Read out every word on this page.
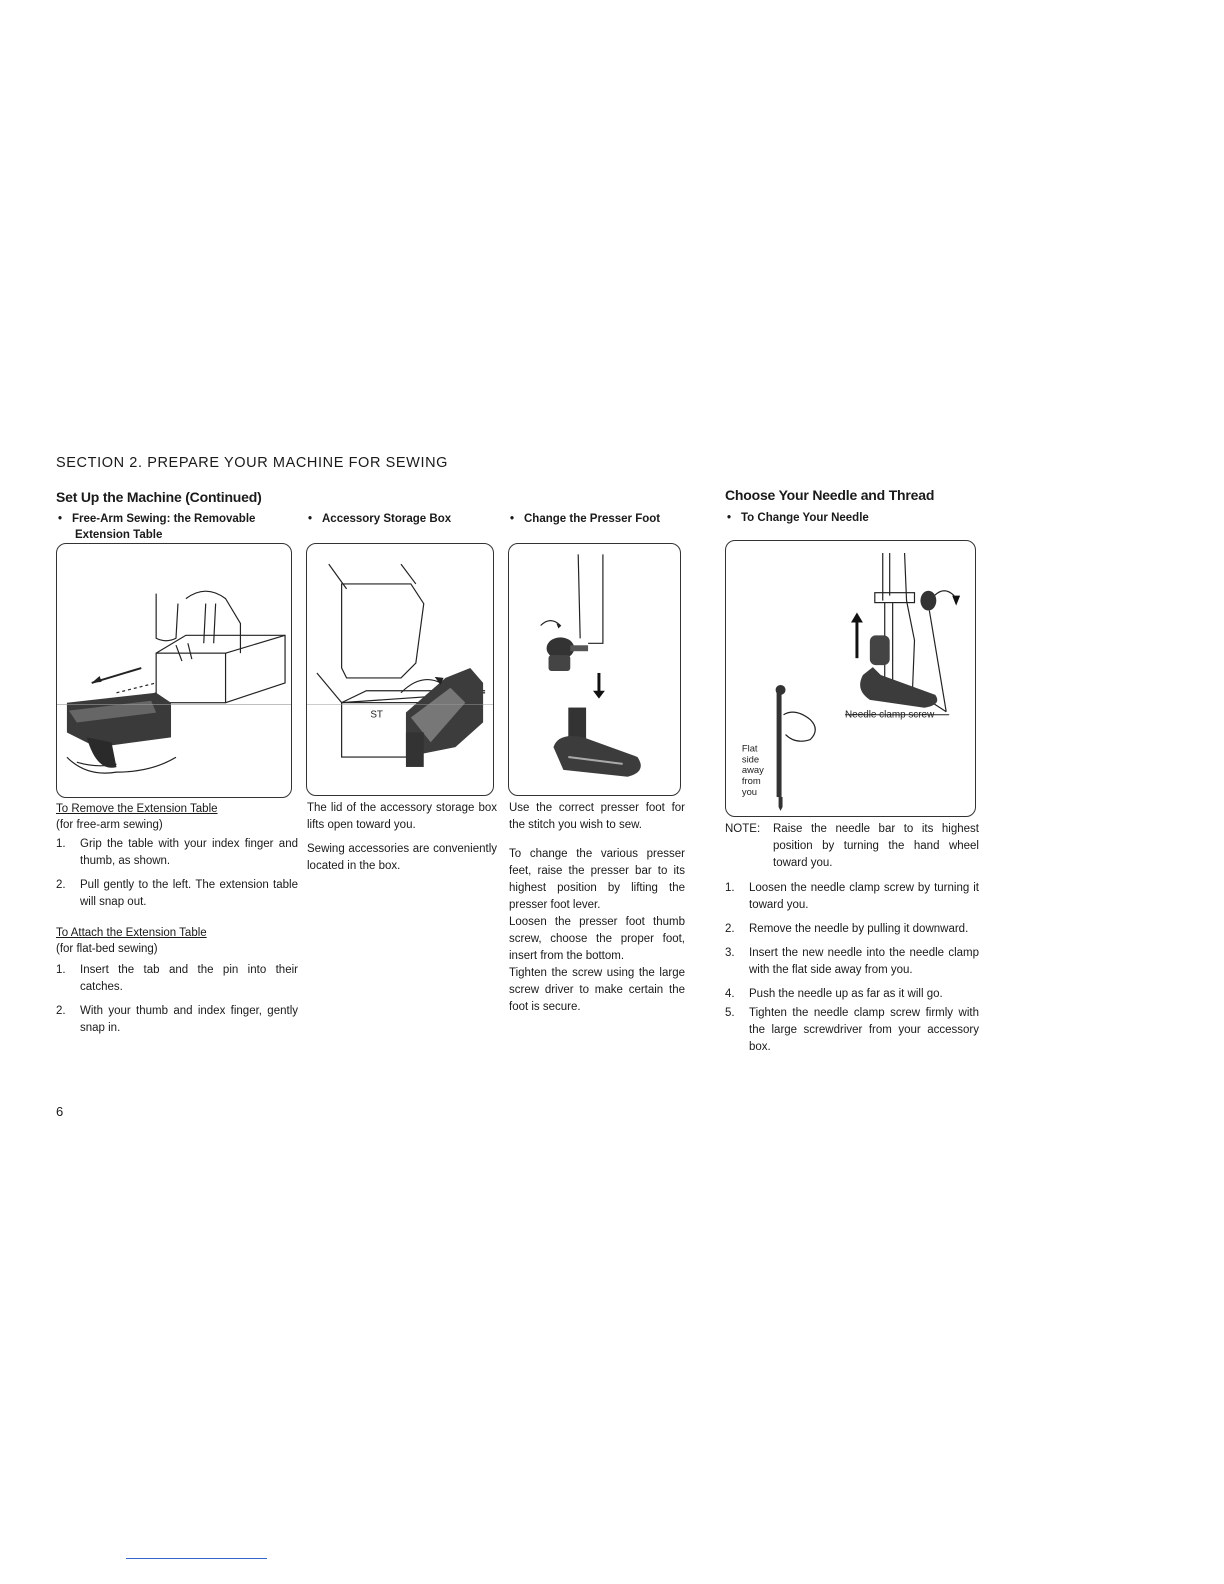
SECTION 2. PREPARE YOUR MACHINE FOR SEWING
Set Up the Machine (Continued)
• Free-Arm Sewing: the Removable
Extension Table
To Remove the Extension Table
(for free-arm sewing)
1. Grip the table with your index finger and thumb, as shown.
2. Pull gently to the left. The extension table will snap out.
To Attach the Extension Table
(for flat-bed sewing)
1. Insert the tab and the pin into their catches.
2. With your thumb and index finger, gently snap in.
• Accessory Storage Box
ST
The lid of the accessory storage box lifts open toward you.
Sewing accessories are conveniently located in the box.
• Change the Presser Foot
Use the correct presser foot for the stitch you wish to sew.
To change the various presser feet, raise the presser bar to its highest position by lifting the presser foot lever.
Loosen the presser foot thumb screw, choose the proper foot, insert from the bottom.
Tighten the screw using the large screw driver to make certain the foot is secure.
Choose Your Needle and Thread
• To Change Your Needle
Needle clamp screw
Flat
side
away
from
you
NOTE: Raise the needle bar to its highest position by turning the hand wheel toward you.
1. Loosen the needle clamp screw by turning it toward you.
2. Remove the needle by pulling it downward.
3. Insert the new needle into the needle clamp with the flat side away from you.
4. Push the needle up as far as it will go.
5. Tighten the needle clamp screw firmly with the large screwdriver from your accessory box.
6
